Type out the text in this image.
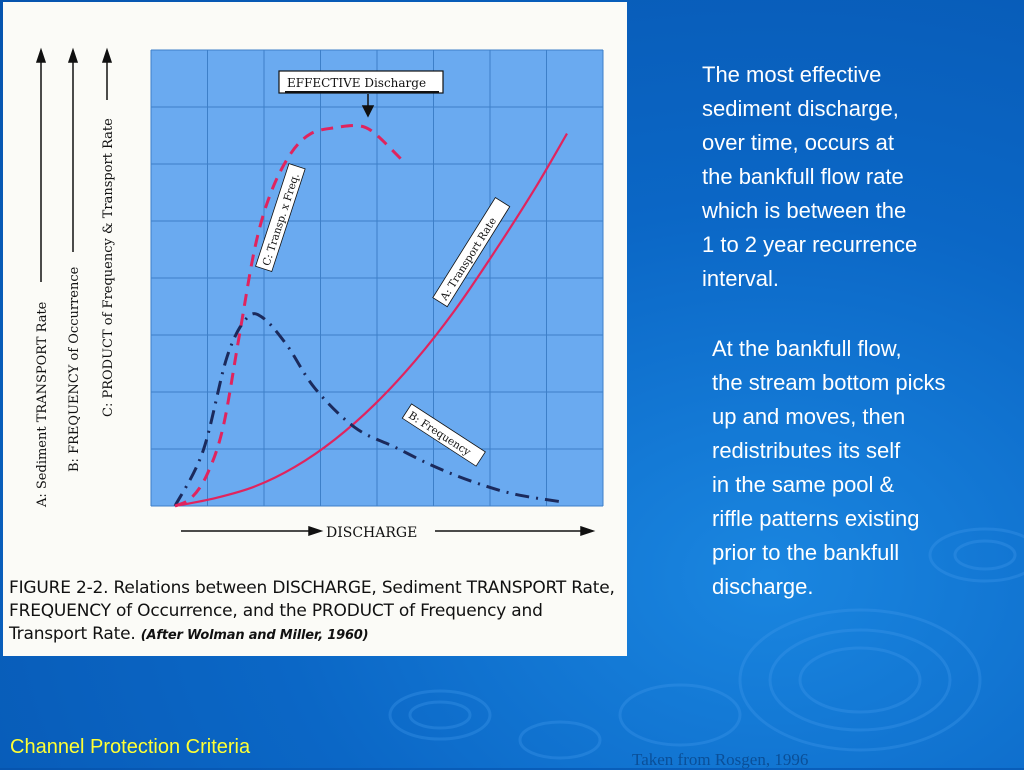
A: Sediment TRANSPORT Rate B: FREQUENCY of Occurrence C: PRODUCT of Frequency & Transport Rate
DISCHARGE
EFFECTIVE Discharge
C: Transp. x Freq.	A: Transport Rate
B: Frequency
FIGURE 2-2. Relations between DISCHARGE, Sediment TRANSPORT Rate, FREQUENCY of Occurrence, and the PRODUCT of Frequency and Transport Rate. (After Wolman and Miller, 1960)
The most effective
sediment discharge,
over time, occurs at
the bankfull flow rate
which is between the
1 to 2 year recurrence
interval.
At the bankfull flow,
the stream bottom picks
up and moves, then
redistributes its self
in the same pool &
riffle patterns existing
prior to the bankfull
discharge.
Channel Protection Criteria
Taken from Rosgen, 1996
